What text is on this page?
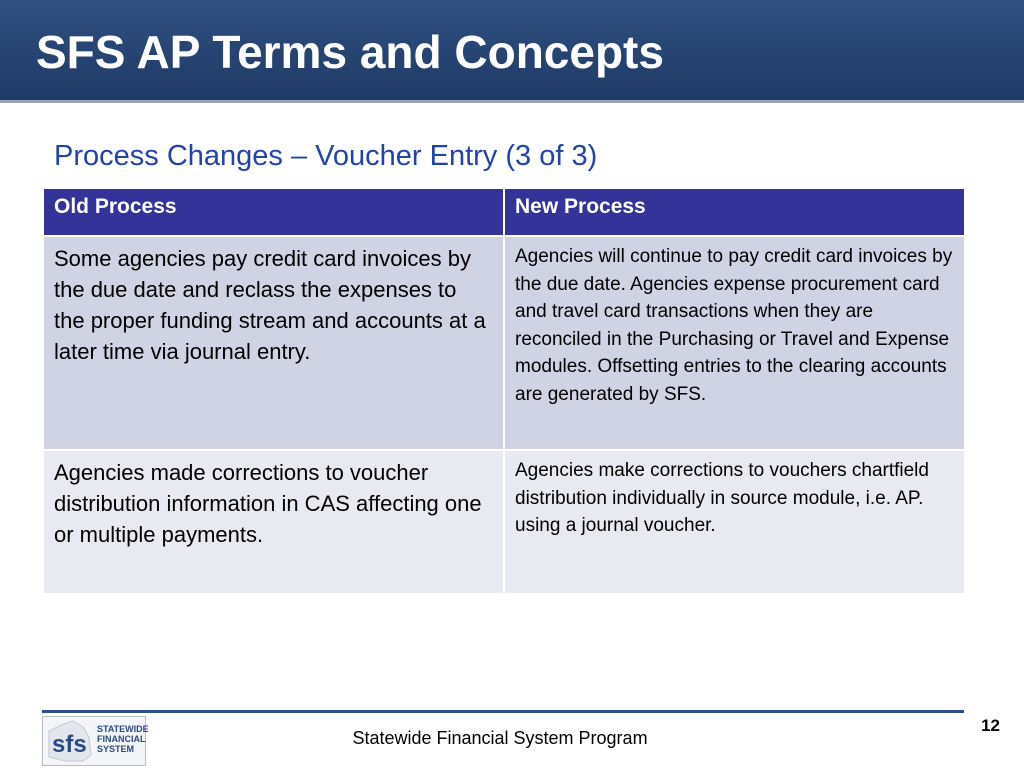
SFS AP Terms and Concepts
Process Changes – Voucher Entry (3 of 3)
Old Process	New Process
Some agencies pay credit card invoices by the due date and reclass the expenses to the proper funding stream and accounts at a later time via journal entry.	Agencies will continue to pay credit card invoices by the due date. Agencies expense procurement card and travel card transactions when they are reconciled in the Purchasing or Travel and Expense modules. Offsetting entries to the clearing accounts are generated by SFS.
Agencies made corrections to voucher distribution information in CAS affecting one or multiple payments.	Agencies make corrections to vouchers chartfield distribution individually in source module, i.e. AP. using a journal voucher.
sfs
STATEWIDE
FINANCIAL
SYSTEM
Statewide Financial System Program
12
